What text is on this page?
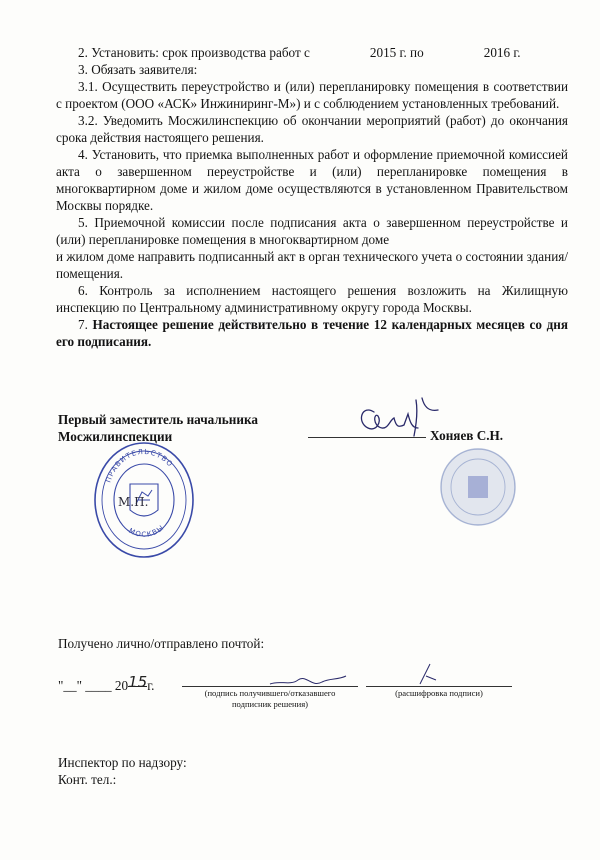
2. Установить: срок производства работ с	2015 г. по	2016 г.

3. Обязать заявителя:

3.1. Осуществить переустройство и (или) перепланировку помещения в соответствии с проектом (ООО «АСК» Инжиниринг-М») и с соблюдением установленных требований.

3.2. Уведомить Мосжилинспекцию об окончании мероприятий (работ) до окончания срока действия настоящего решения.

4. Установить, что приемка выполненных работ и оформление приемочной комиссией акта о завершенном переустройстве и (или) перепланировке помещения в многоквартирном доме и жилом доме осуществляются в установленном Правительством Москвы порядке.

5. Приемочной комиссии после подписания акта о завершенном переустройстве и (или) перепланировке помещения в многоквартирном доме

и жилом доме направить подписанный акт в орган технического учета о состоянии здания/помещения.

6. Контроль за исполнением настоящего решения возложить на Жилищную инспекцию по Центральному административному округу города Москвы.

7. Настоящее решение действительно в течение 12 календарных месяцев со дня его подписания.

Первый заместитель начальника
Мосжилинспекции	Хоняев С.Н.
ПРАВИТЕЛЬСТВО
МОСКВЫ
М.П.
Получено лично/отправлено почтой:
"__" ____ 2015г.	(подпись получившего/отказавшего
подписник решения)
(расшифровка подписи)
Инспектор по надзору:
Конт. тел.:
